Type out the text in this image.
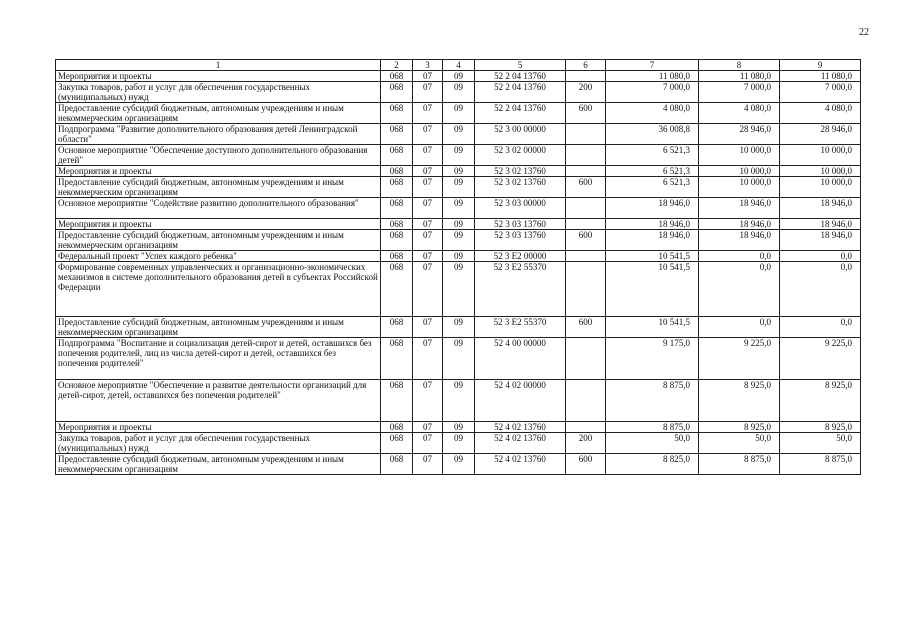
22
1	2	3	4	5	6	7	8	9
Мероприятия и проекты	068	07	09	52 2 04 13760		11 080,0	11 080,0	11 080,0
Закупка товаров, работ и услуг для обеспечения государственных (муниципальных) нужд	068	07	09	52 2 04 13760	200	7 000,0	7 000,0	7 000,0
Предоставление субсидий бюджетным, автономным учреждениям и иным некоммерческим организациям	068	07	09	52 2 04 13760	600	4 080,0	4 080,0	4 080,0
Подпрограмма "Развитие дополнительного образования детей Ленинградской области"	068	07	09	52 3 00 00000		36 008,8	28 946,0	28 946,0
Основное мероприятие "Обеспечение доступного дополнительного образования детей"	068	07	09	52 3 02 00000		6 521,3	10 000,0	10 000,0
Мероприятия и проекты	068	07	09	52 3 02 13760		6 521,3	10 000,0	10 000,0
Предоставление субсидий бюджетным, автономным учреждениям и иным некоммерческим организациям	068	07	09	52 3 02 13760	600	6 521,3	10 000,0	10 000,0
Основное мероприятие "Содействие развитию дополнительного образования"	068	07	09	52 3 03 00000		18 946,0	18 946,0	18 946,0
Мероприятия и проекты	068	07	09	52 3 03 13760		18 946,0	18 946,0	18 946,0
Предоставление субсидий бюджетным, автономным учреждениям и иным некоммерческим организациям	068	07	09	52 3 03 13760	600	18 946,0	18 946,0	18 946,0
Федеральный проект "Успех каждого ребенка"	068	07	09	52 3 E2 00000		10 541,5	0,0	0,0
Формирование современных управленческих и организационно-экономических механизмов в системе дополнительного образования детей в субъектах Российской Федерации	068	07	09	52 3 E2 55370		10 541,5	0,0	0,0
Предоставление субсидий бюджетным, автономным учреждениям и иным некоммерческим организациям	068	07	09	52 3 E2 55370	600	10 541,5	0,0	0,0
Подпрограмма "Воспитание и социализация детей-сирот и детей, оставшихся без попечения родителей, лиц из числа детей-сирот и детей, оставшихся без попечения родителей"	068	07	09	52 4 00 00000		9 175,0	9 225,0	9 225,0
Основное мероприятие "Обеспечение и развитие деятельности организаций для детей-сирот, детей, оставшихся без попечения родителей"	068	07	09	52 4 02 00000		8 875,0	8 925,0	8 925,0
Мероприятия и проекты	068	07	09	52 4 02 13760		8 875,0	8 925,0	8 925,0
Закупка товаров, работ и услуг для обеспечения государственных (муниципальных) нужд	068	07	09	52 4 02 13760	200	50,0	50,0	50,0
Предоставление субсидий бюджетным, автономным учреждениям и иным некоммерческим организациям	068	07	09	52 4 02 13760	600	8 825,0	8 875,0	8 875,0
